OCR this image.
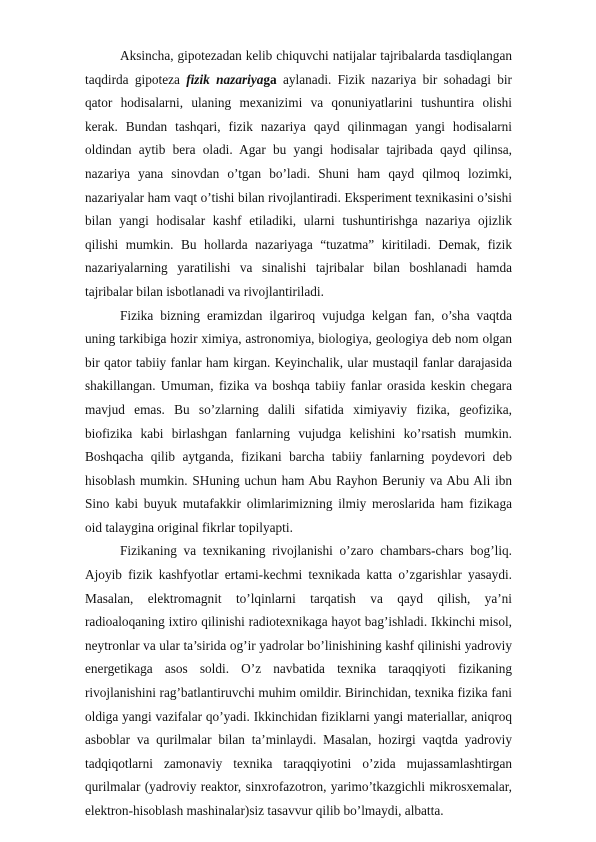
Aksincha, gipotezadan kelib chiquvchi natijalar tajribalarda tasdiqlangan taqdirda gipoteza fizik nazariyaga aylanadi. Fizik nazariya bir sohadagi bir qator hodisalarni, ulaning mexanizimi va qonuniyatlarini tushuntira olishi kerak. Bundan tashqari, fizik nazariya qayd qilinmagan yangi hodisalarni oldindan aytib bera oladi. Agar bu yangi hodisalar tajribada qayd qilinsa, nazariya yana sinovdan o’tgan bo’ladi. Shuni ham qayd qilmoq lozimki, nazariyalar ham vaqt o’tishi bilan rivojlantiradi. Eksperiment texnikasini o’sishi bilan yangi hodisalar kashf etiladiki, ularni tushuntirishga nazariya ojizlik qilishi mumkin. Bu hollarda nazariyaga “tuzatma” kiritiladi. Demak, fizik nazariyalarning yaratilishi va sinalishi tajribalar bilan boshlanadi hamda tajribalar bilan isbotlanadi va rivojlantiriladi.

Fizika bizning eramizdan ilgariroq vujudga kelgan fan, o’sha vaqtda uning tarkibiga hozir ximiya, astronomiya, biologiya, geologiya deb nom olgan bir qator tabiiy fanlar ham kirgan. Keyinchalik, ular mustaqil fanlar darajasida shakillangan. Umuman, fizika va boshqa tabiiy fanlar orasida keskin chegara mavjud emas. Bu so’zlarning dalili sifatida ximiyaviy fizika, geofizika, biofizika kabi birlashgan fanlarning vujudga kelishini ko’rsatish mumkin. Boshqacha qilib aytganda, fizikani barcha tabiiy fanlarning poydevori deb hisoblash mumkin. SHuning uchun ham Abu Rayhon Beruniy va Abu Ali ibn Sino kabi buyuk mutafakkir olimlarimizning ilmiy meroslarida ham fizikaga oid talaygina original fikrlar topilyapti.

Fizikaning va texnikaning rivojlanishi o’zaro chambars-chars bog’liq. Ajoyib fizik kashfyotlar ertami-kechmi texnikada katta o’zgarishlar yasaydi. Masalan, elektromagnit to’lqinlarni tarqatish va qayd qilish, ya’ni radioaloqaning ixtiro qilinishi radiotexnikaga hayot bag’ishladi. Ikkinchi misol, neytronlar va ular ta’sirida og’ir yadrolar bo’linishining kashf qilinishi yadroviy energetikaga asos soldi. O’z navbatida texnika taraqqiyoti fizikaning rivojlanishini rag’batlantiruvchi muhim omildir. Birinchidan, texnika fizika fani oldiga yangi vazifalar qo’yadi. Ikkinchidan fiziklarni yangi materiallar, aniqroq asboblar va qurilmalar bilan ta’minlaydi. Masalan, hozirgi vaqtda yadroviy tadqiqotlarni zamonaviy texnika taraqqiyotini o’zida mujassamlashtirgan qurilmalar (yadroviy reaktor, sinxrofazotron, yarimo’tkazgichli mikrosxemalar, elektron-hisoblash mashinalar)siz tasavvur qilib bo’lmaydi, albatta.
